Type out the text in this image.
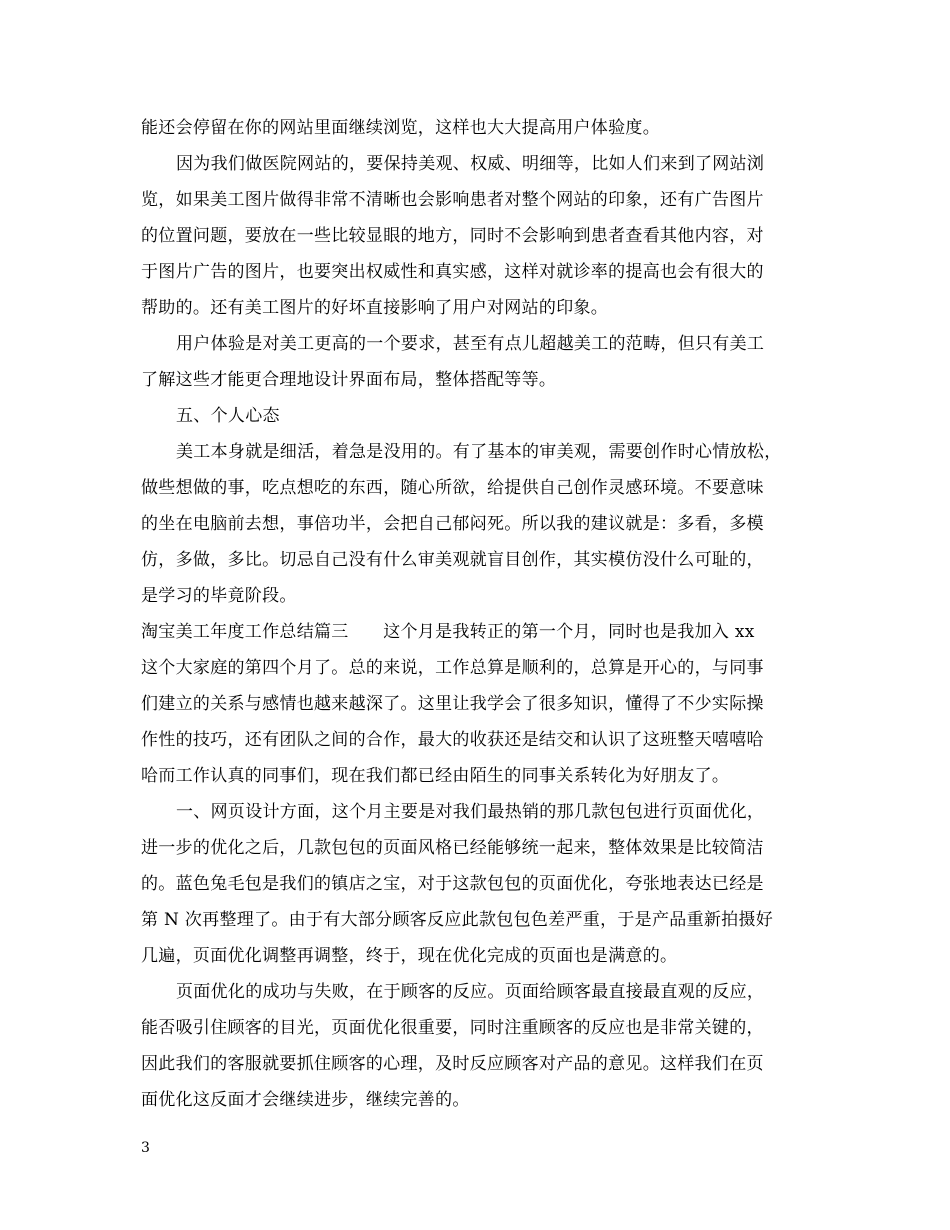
能还会停留在你的网站里面继续浏览，这样也大大提高用户体验度。
因为我们做医院网站的，要保持美观、权威、明细等，比如人们来到了网站浏
览，如果美工图片做得非常不清晰也会影响患者对整个网站的印象，还有广告图片
的位置问题，要放在一些比较显眼的地方，同时不会影响到患者查看其他内容，对
于图片广告的图片，也要突出权威性和真实感，这样对就诊率的提高也会有很大的
帮助的。还有美工图片的好坏直接影响了用户对网站的印象。
用户体验是对美工更高的一个要求，甚至有点儿超越美工的范畴，但只有美工
了解这些才能更合理地设计界面布局，整体搭配等等。
五、个人心态
美工本身就是细活，着急是没用的。有了基本的审美观，需要创作时心情放松，
做些想做的事，吃点想吃的东西，随心所欲，给提供自己创作灵感环境。不要意味
的坐在电脑前去想，事倍功半，会把自己郁闷死。所以我的建议就是：多看，多模
仿，多做，多比。切忌自己没有什么审美观就盲目创作，其实模仿没什么可耻的，
是学习的毕竟阶段。
淘宝美工年度工作总结篇三　　这个月是我转正的第一个月，同时也是我加入 xx
这个大家庭的第四个月了。总的来说，工作总算是顺利的，总算是开心的，与同事
们建立的关系与感情也越来越深了。这里让我学会了很多知识，懂得了不少实际操
作性的技巧，还有团队之间的合作，最大的收获还是结交和认识了这班整天嘻嘻哈
哈而工作认真的同事们，现在我们都已经由陌生的同事关系转化为好朋友了。
一、网页设计方面，这个月主要是对我们最热销的那几款包包进行页面优化，
进一步的优化之后，几款包包的页面风格已经能够统一起来，整体效果是比较简洁
的。蓝色兔毛包是我们的镇店之宝，对于这款包包的页面优化，夸张地表达已经是
第 N 次再整理了。由于有大部分顾客反应此款包包色差严重，于是产品重新拍摄好
几遍，页面优化调整再调整，终于，现在优化完成的页面也是满意的。
页面优化的成功与失败，在于顾客的反应。页面给顾客最直接最直观的反应，
能否吸引住顾客的目光，页面优化很重要，同时注重顾客的反应也是非常关键的，
因此我们的客服就要抓住顾客的心理，及时反应顾客对产品的意见。这样我们在页
面优化这反面才会继续进步，继续完善的。
3
